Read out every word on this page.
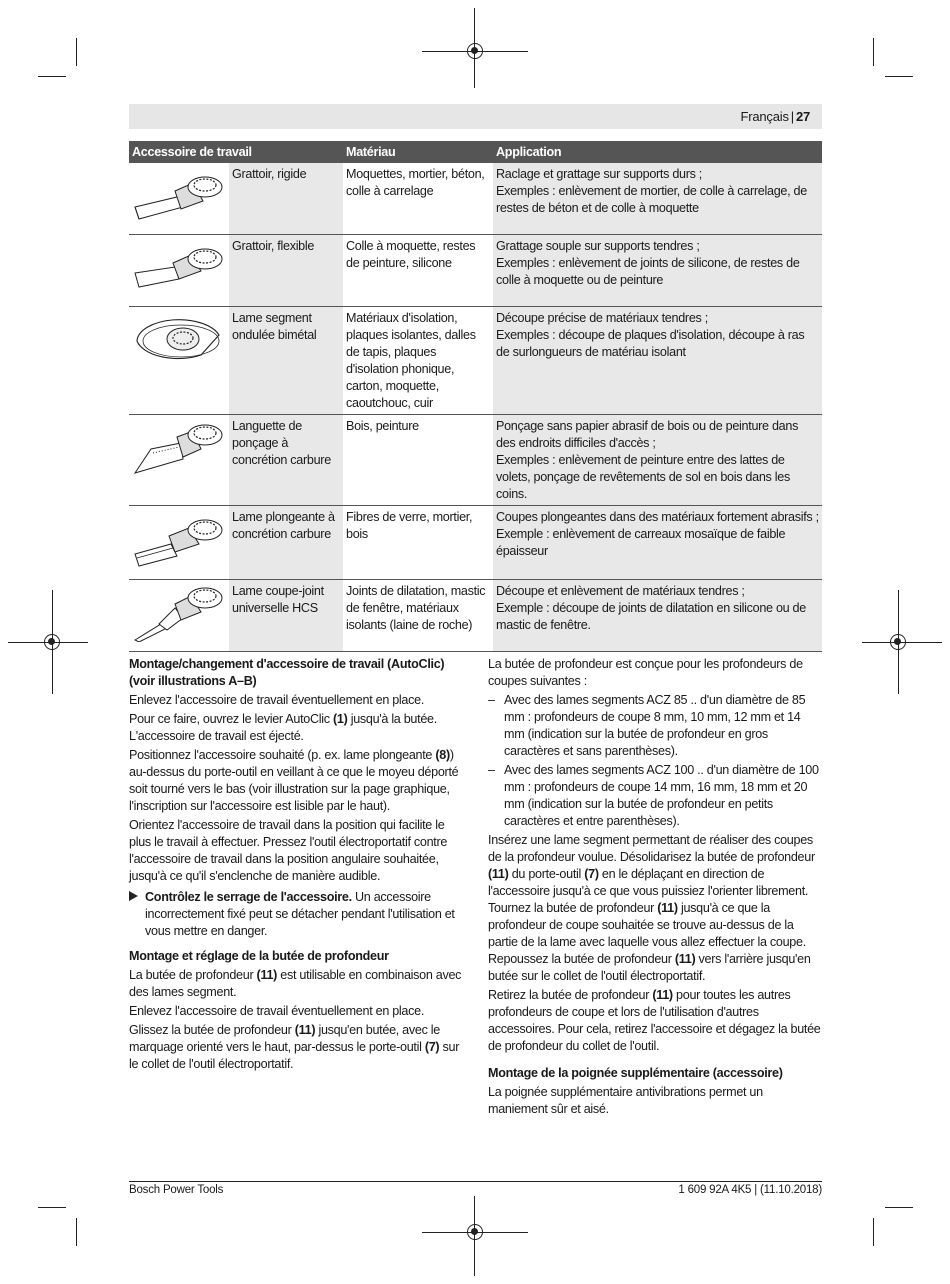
Français | 27
Accessoire de travail		Matériau	Application
	Grattoir, rigide	Moquettes, mortier, béton, colle à carrelage	Raclage et grattage sur supports durs ;
Exemples : enlèvement de mortier, de colle à carrelage, de restes de béton et de colle à moquette

	Grattoir, flexible	Colle à moquette, restes de peinture, silicone	Grattage souple sur supports tendres ;
Exemples : enlèvement de joints de silicone, de restes de colle à moquette ou de peinture

	Lame segment ondulée bimétal	Matériaux d'isolation, plaques isolantes, dalles de tapis, plaques d'isolation phonique, carton, moquette, caoutchouc, cuir	Découpe précise de matériaux tendres ;
Exemples : découpe de plaques d'isolation, découpe à ras de surlongueurs de matériau isolant

	Languette de ponçage à concrétion carbure	Bois, peinture	Ponçage sans papier abrasif de bois ou de peinture dans des endroits difficiles d'accès ;
Exemples : enlèvement de peinture entre des lattes de volets, ponçage de revêtements de sol en bois dans les coins.

	Lame plongeante à concrétion carbure	Fibres de verre, mortier, bois	Coupes plongeantes dans des matériaux fortement abrasifs ;
Exemple : enlèvement de carreaux mosaïque de faible épaisseur

	Lame coupe-joint universelle HCS	Joints de dilatation, mastic de fenêtre, matériaux isolants (laine de roche)	Découpe et enlèvement de matériaux tendres ;
Exemple : découpe de joints de dilatation en silicone ou de mastic de fenêtre.
Montage/changement d'accessoire de travail (AutoClic) (voir illustrations A–B)

Enlevez l'accessoire de travail éventuellement en place.

Pour ce faire, ouvrez le levier AutoClic (1) jusqu'à la butée. L'accessoire de travail est éjecté.

Positionnez l'accessoire souhaité (p. ex. lame plongeante (8)) au-dessus du porte-outil en veillant à ce que le moyeu déporté soit tourné vers le bas (voir illustration sur la page graphique, l'inscription sur l'accessoire est lisible par le haut).

Orientez l'accessoire de travail dans la position qui facilite le plus le travail à effectuer. Pressez l'outil électroportatif contre l'accessoire de travail dans la position angulaire souhaitée, jusqu'à ce qu'il s'enclenche de manière audible.

Contrôlez le serrage de l'accessoire. Un accessoire incorrectement fixé peut se détacher pendant l'utilisation et vous mettre en danger.
Montage et réglage de la butée de profondeur

La butée de profondeur (11) est utilisable en combinaison avec des lames segment.

Enlevez l'accessoire de travail éventuellement en place.

Glissez la butée de profondeur (11) jusqu'en butée, avec le marquage orienté vers le haut, par-dessus le porte-outil (7) sur le collet de l'outil électroportatif.

La butée de profondeur est conçue pour les profondeurs de coupes suivantes :

– Avec des lames segments ACZ 85 .. d'un diamètre de 85 mm : profondeurs de coupe 8 mm, 10 mm, 12 mm et 14 mm (indication sur la butée de profondeur en gros caractères et sans parenthèses).
– Avec des lames segments ACZ 100 .. d'un diamètre de 100 mm : profondeurs de coupe 14 mm, 16 mm, 18 mm et 20 mm (indication sur la butée de profondeur en petits caractères et entre parenthèses).

Insérez une lame segment permettant de réaliser des coupes de la profondeur voulue. Désolidarisez la butée de profondeur (11) du porte-outil (7) en le déplaçant en direction de l'accessoire jusqu'à ce que vous puissiez l'orienter librement. Tournez la butée de profondeur (11) jusqu'à ce que la profondeur de coupe souhaitée se trouve au-dessus de la partie de la lame avec laquelle vous allez effectuer la coupe. Repoussez la butée de profondeur (11) vers l'arrière jusqu'en butée sur le collet de l'outil électroportatif.

Retirez la butée de profondeur (11) pour toutes les autres profondeurs de coupe et lors de l'utilisation d'autres accessoires. Pour cela, retirez l'accessoire et dégagez la butée de profondeur du collet de l'outil.

Montage de la poignée supplémentaire (accessoire)

La poignée supplémentaire antivibrations permet un maniement sûr et aisé.

Bosch Power Tools	1 609 92A 4K5 | (11.10.2018)
